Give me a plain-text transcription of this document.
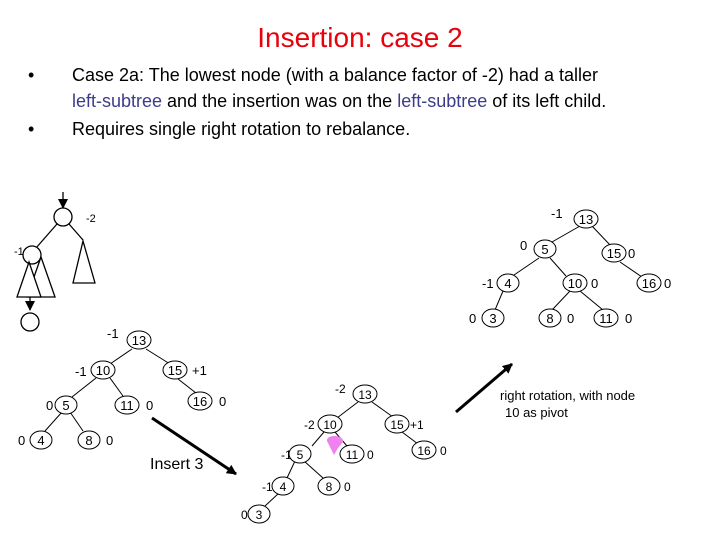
Insertion: case 2
• Case 2a: The lowest node (with a balance factor of -2) had a taller
left-subtree and the insertion was on the left-subtree of its left child.
• Requires single right rotation to rebalance.
-2
-1
13
10	15
5	11	16
4	8
-1
-1	+1
0	0	0
0	0
13
10	15
5	11	16
4	8
3
-2
-2	+1
-1	0	0
-1	0
0
13
5	15
4	10	16
3	8	11
-1
0
0
-1	0	0
0	0	0
Insert 3
right rotation, with node
10 as pivot
